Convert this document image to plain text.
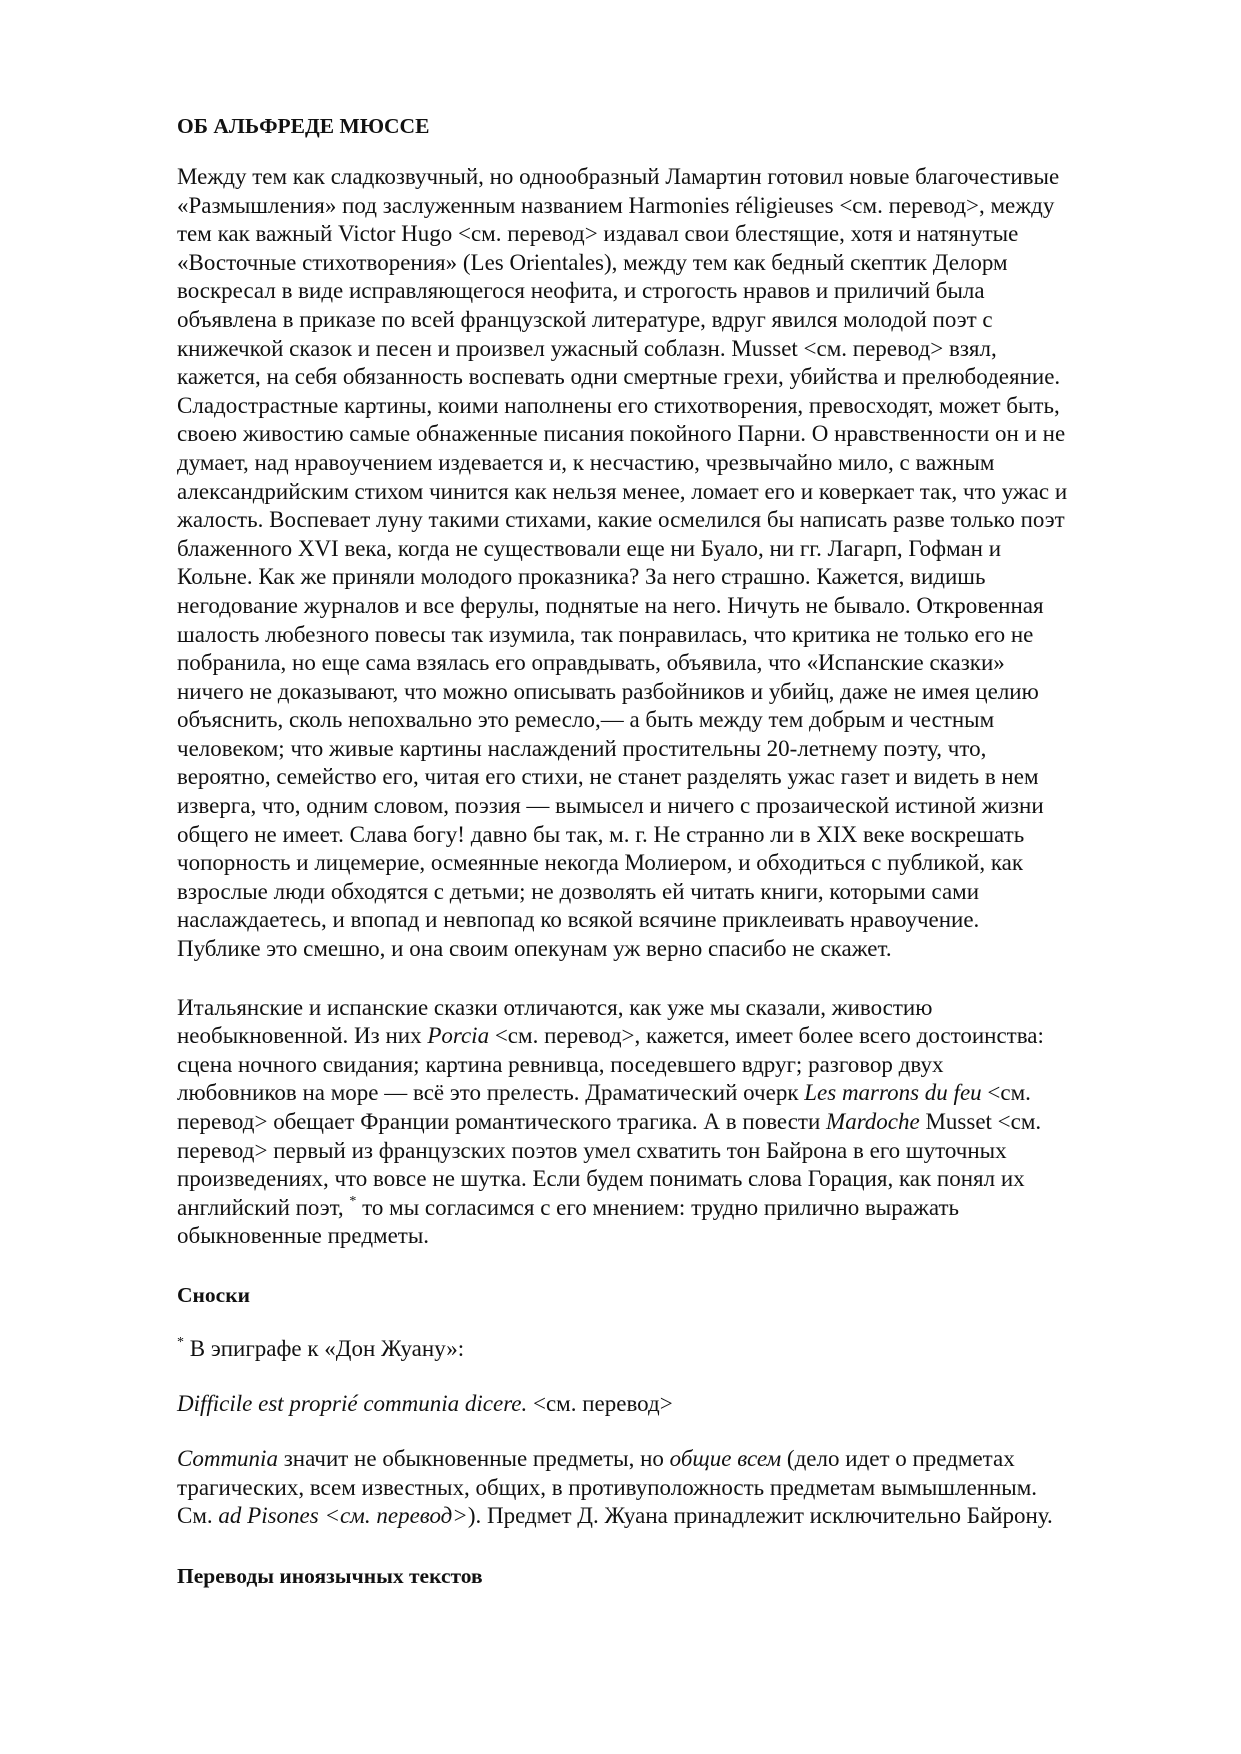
ОБ АЛЬФРЕДЕ МЮССЕ
Между тем как сладкозвучный, но однообразный Ламартин готовил новые благочестивые
«Размышления» под заслуженным названием Harmonies réligieuses <см. перевод>, между
тем как важный Victor Hugo <см. перевод> издавал свои блестящие, хотя и натянутые
«Восточные стихотворения» (Les Orientales), между тем как бедный скептик Делорм
воскресал в виде исправляющегося неофита, и строгость нравов и приличий была
объявлена в приказе по всей французской литературе, вдруг явился молодой поэт с
книжечкой сказок и песен и произвел ужасный соблазн. Musset <см. перевод> взял,
кажется, на себя обязанность воспевать одни смертные грехи, убийства и прелюбодеяние.
Сладострастные картины, коими наполнены его стихотворения, превосходят, может быть,
своею живостию самые обнаженные писания покойного Парни. О нравственности он и не
думает, над нравоучением издевается и, к несчастию, чрезвычайно мило, с важным
александрийским стихом чинится как нельзя менее, ломает его и коверкает так, что ужас и
жалость. Воспевает луну такими стихами, какие осмелился бы написать разве только поэт
блаженного XVI века, когда не существовали еще ни Буало, ни гг. Лагарп, Гофман и
Кольне. Как же приняли молодого проказника? За него страшно. Кажется, видишь
негодование журналов и все ферулы, поднятые на него. Ничуть не бывало. Откровенная
шалость любезного повесы так изумила, так понравилась, что критика не только его не
побранила, но еще сама взялась его оправдывать, объявила, что «Испанские сказки»
ничего не доказывают, что можно описывать разбойников и убийц, даже не имея целию
объяснить, сколь непохвально это ремесло,— а быть между тем добрым и честным
человеком; что живые картины наслаждений простительны 20-летнему поэту, что,
вероятно, семейство его, читая его стихи, не станет разделять ужас газет и видеть в нем
изверга, что, одним словом, поэзия — вымысел и ничего с прозаической истиной жизни
общего не имеет. Слава богу! давно бы так, м. г. Не странно ли в XIX веке воскрешать
чопорность и лицемерие, осмеянные некогда Молиером, и обходиться с публикой, как
взрослые люди обходятся с детьми; не дозволять ей читать книги, которыми сами
наслаждаетесь, и впопад и невпопад ко всякой всячине приклеивать нравоучение.
Публике это смешно, и она своим опекунам уж верно спасибо не скажет.
Итальянские и испанские сказки отличаются, как уже мы сказали, живостию
необыкновенной. Из них Porcia <см. перевод>, кажется, имеет более всего достоинства:
сцена ночного свидания; картина ревнивца, поседевшего вдруг; разговор двух
любовников на море — всё это прелесть. Драматический очерк Les marrons du feu <см.
перевод> обещает Франции романтического трагика. А в повести Mardoche Musset <см.
перевод> первый из французских поэтов умел схватить тон Байрона в его шуточных
произведениях, что вовсе не шутка. Если будем понимать слова Горация, как понял их
английский поэт, * то мы согласимся с его мнением: трудно прилично выражать
обыкновенные предметы.
Сноски
* В эпиграфе к «Дон Жуану»:
Difficile est proprié communia dicere. <см. перевод>
Communia значит не обыкновенные предметы, но общие всем (дело идет о предметах
трагических, всем известных, общих, в противуположность предметам вымышленным.
См. ad Pisones <см. перевод>). Предмет Д. Жуана принадлежит исключительно Байрону.
Переводы иноязычных текстов
